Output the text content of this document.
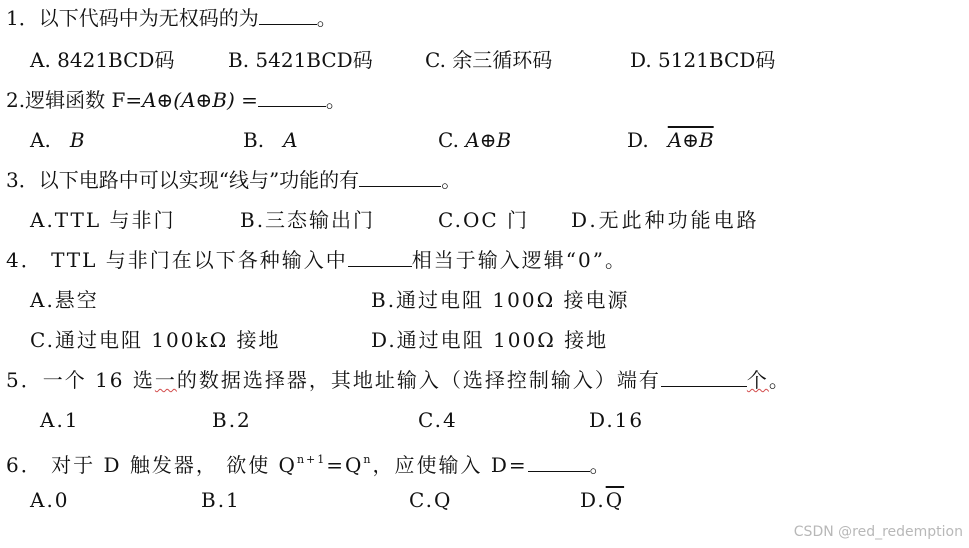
1．以下代码中为无权码的为	。
A. 8421BCD码	B. 5421BCD码	C. 余三循环码	D. 5121BCD码
2.逻辑函数 F=A⊕(A⊕B) =	。
A. B	B. A	C. A⊕B	D. A⊕B
3．以下电路中可以实现“线与”功能的有	。
A.TTL 与非门	B.三态输出门	C.OC 门 D.无此种功能电路
4． TTL 与非门在以下各种输入中	相当于输入逻辑“0”。
A.悬空	B.通过电阻 100Ω 接电源
C.通过电阻 100kΩ 接地	D.通过电阻 100Ω 接地
5．一个 16 选一的数据选择器，其地址输入（选择控制输入）端有	个。
A.1	B.2	C.4	D.16
6． 对于 D 触发器， 欲使 $Q^{n+1}=Q^n$，应使输入 D=	。
A.0	B.1	C.Q	$D.\overline{Q}$
CSDN @red_redemption
